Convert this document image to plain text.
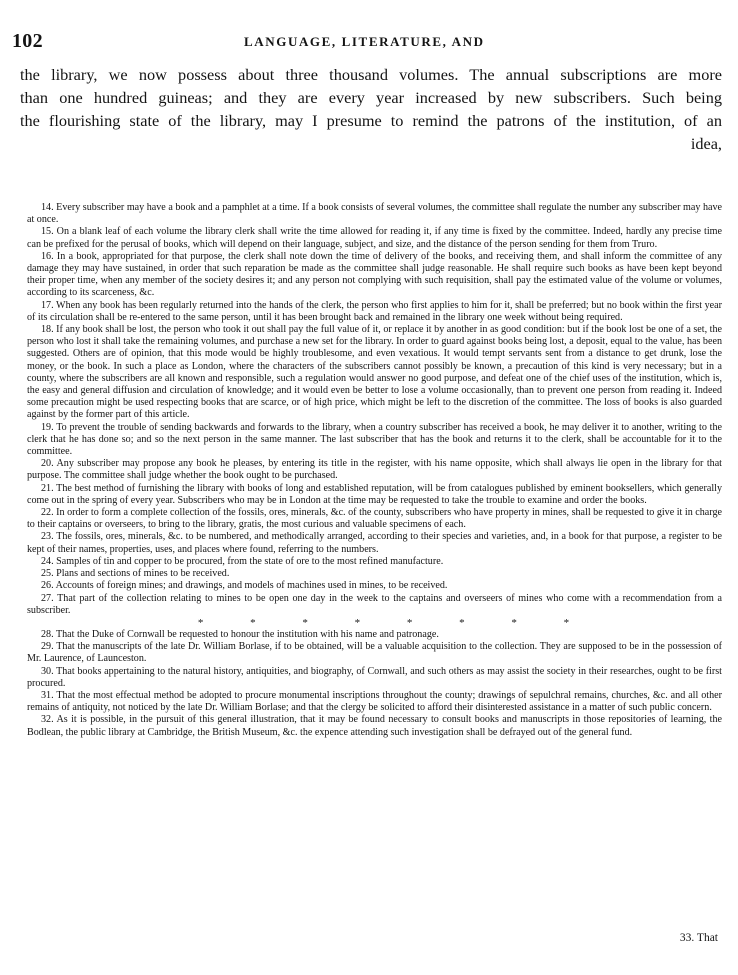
102	LANGUAGE, LITERATURE, AND
the library, we now possess about three thousand volumes. The annual subscriptions are more
than one hundred guineas; and they are every year increased by new subscribers. Such being
the flourishing state of the library, may I presume to remind the patrons of the institution, of an
idea,

14. Every subscriber may have a book and a pamphlet at a time. If a book consists of several volumes, the committee shall regulate the number any subscriber may have at once.

15. On a blank leaf of each volume the library clerk shall write the time allowed for reading it, if any time is fixed by the committee. Indeed, hardly any precise time can be prefixed for the perusal of books, which will depend on their language, subject, and size, and the distance of the person sending for them from Truro.

16. In a book, appropriated for that purpose, the clerk shall note down the time of delivery of the books, and receiving them, and shall inform the committee of any damage they may have sustained, in order that such reparation be made as the committee shall judge reasonable. He shall require such books as have been kept beyond their proper time, when any member of the society desires it; and any person not complying with such requisition, shall pay the estimated value of the volume or volumes, according to its scarceness, &c.

17. When any book has been regularly returned into the hands of the clerk, the person who first applies to him for it, shall be preferred; but no book within the first year of its circulation shall be re-entered to the same person, until it has been brought back and remained in the library one week without being required.

18. If any book shall be lost, the person who took it out shall pay the full value of it, or replace it by another in as good condition: but if the book lost be one of a set, the person who lost it shall take the remaining volumes, and purchase a new set for the library. In order to guard against books being lost, a deposit, equal to the value, has been suggested. Others are of opinion, that this mode would be highly troublesome, and even vexatious. It would tempt servants sent from a distance to get drunk, lose the money, or the book. In such a place as London, where the characters of the subscribers cannot possibly be known, a precaution of this kind is very necessary; but in a county, where the subscribers are all known and responsible, such a regulation would answer no good purpose, and defeat one of the chief uses of the institution, which is, the easy and general diffusion and circulation of knowledge; and it would even be better to lose a volume occasionally, than to prevent one person from reading it. Indeed some precaution might be used respecting books that are scarce, or of high price, which might be left to the discretion of the committee. The loss of books is also guarded against by the former part of this article.

19. To prevent the trouble of sending backwards and forwards to the library, when a country subscriber has received a book, he may deliver it to another, writing to the clerk that he has done so; and so the next person in the same manner. The last subscriber that has the book and returns it to the clerk, shall be accountable for it to the committee.

20. Any subscriber may propose any book he pleases, by entering its title in the register, with his name opposite, which shall always lie open in the library for that purpose. The committee shall judge whether the book ought to be purchased.

21. The best method of furnishing the library with books of long and established reputation, will be from catalogues published by eminent booksellers, which generally come out in the spring of every year. Subscribers who may be in London at the time may be requested to take the trouble to examine and order the books.

22. In order to form a complete collection of the fossils, ores, minerals, &c. of the county, subscribers who have property in mines, shall be requested to give it in charge to their captains or overseers, to bring to the library, gratis, the most curious and valuable specimens of each.

23. The fossils, ores, minerals, &c. to be numbered, and methodically arranged, according to their species and varieties, and, in a book for that purpose, a register to be kept of their names, properties, uses, and places where found, referring to the numbers.

24. Samples of tin and copper to be procured, from the state of ore to the most refined manufacture.

25. Plans and sections of mines to be received.

26. Accounts of foreign mines; and drawings, and models of machines used in mines, to be received.

27. That part of the collection relating to mines to be open one day in the week to the captains and overseers of mines who come with a recommendation from a subscriber.

* * * * * * * *

28. That the Duke of Cornwall be requested to honour the institution with his name and patronage.

29. That the manuscripts of the late Dr. William Borlase, if to be obtained, will be a valuable acquisition to the collection. They are supposed to be in the possession of Mr. Laurence, of Launceston.

30. That books appertaining to the natural history, antiquities, and biography, of Cornwall, and such others as may assist the society in their researches, ought to be first procured.

31. That the most effectual method be adopted to procure monumental inscriptions throughout the county; drawings of sepulchral remains, churches, &c. and all other remains of antiquity, not noticed by the late Dr. William Borlase; and that the clergy be solicited to afford their disinterested assistance in a matter of such public concern.

32. As it is possible, in the pursuit of this general illustration, that it may be found necessary to consult books and manuscripts in those repositories of learning, the Bodlean, the public library at Cambridge, the British Museum, &c. the expence attending such investigation shall be defrayed out of the general fund.

33. That
